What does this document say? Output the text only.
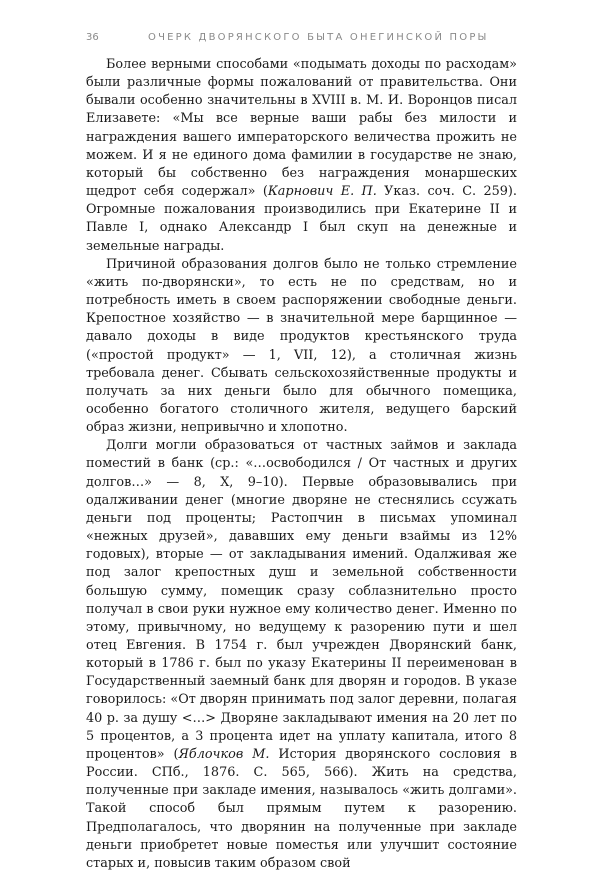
36	ОЧЕРК ДВОРЯНСКОГО БЫТА ОНЕГИНСКОЙ ПОРЫ

Более верными способами «подымать доходы по расходам» были различные формы пожалований от правительства. Они бывали особенно значительны в XVIII в. М. И. Воронцов писал Елизавете: «Мы все верные ваши рабы без милости и награждения вашего императорского величества прожить не можем. И я не единого дома фамилии в государстве не знаю, который бы собственно без награждения монаршеских щедрот себя содержал» (Карнович Е. П. Указ. соч. С. 259). Огромные пожалования производились при Екатерине II и Павле I, однако Александр I был скуп на денежные и земельные награды.

Причиной образования долгов было не только стремление «жить по-дворянски», то есть не по средствам, но и потребность иметь в своем распоряжении свободные деньги. Крепостное хозяйство — в значительной мере барщинное — давало доходы в виде продуктов крестьянского труда («простой продукт» — 1, VII, 12), а столичная жизнь требовала денег. Сбывать сельскохозяйственные продукты и получать за них деньги было для обычного помещика, особенно богатого столичного жителя, ведущего барский образ жизни, непривычно и хлопотно.

Долги могли образоваться от частных займов и заклада поместий в банк (ср.: «…освободился / От частных и других долгов…» — 8, X, 9–10). Первые образовывались при одалживании денег (многие дворяне не стеснялись ссужать деньги под проценты; Растопчин в письмах упоминал «нежных друзей», дававших ему деньги взаймы из 12% годовых), вторые — от закладывания имений. Одалживая же под залог крепостных душ и земельной собственности большую сумму, помещик сразу соблазнительно просто получал в свои руки нужное ему количество денег. Именно по этому, привычному, но ведущему к разорению пути и шел отец Евгения. В 1754 г. был учрежден Дворянский банк, который в 1786 г. был по указу Екатерины II переименован в Государственный заемный банк для дворян и городов. В указе говорилось: «От дворян принимать под залог деревни, полагая 40 р. за душу <…> Дворяне закладывают имения на 20 лет по 5 процентов, а 3 процента идет на уплату капитала, итого 8 процентов» (Яблочков М. История дворянского сословия в России. СПб., 1876. С. 565, 566). Жить на средства, полученные при закладе имения, называлось «жить долгами». Такой способ был прямым путем к разорению. Предполагалось, что дворянин на полученные при закладе деньги приобретет новые поместья или улучшит состояние старых и, повысив таким образом свой
